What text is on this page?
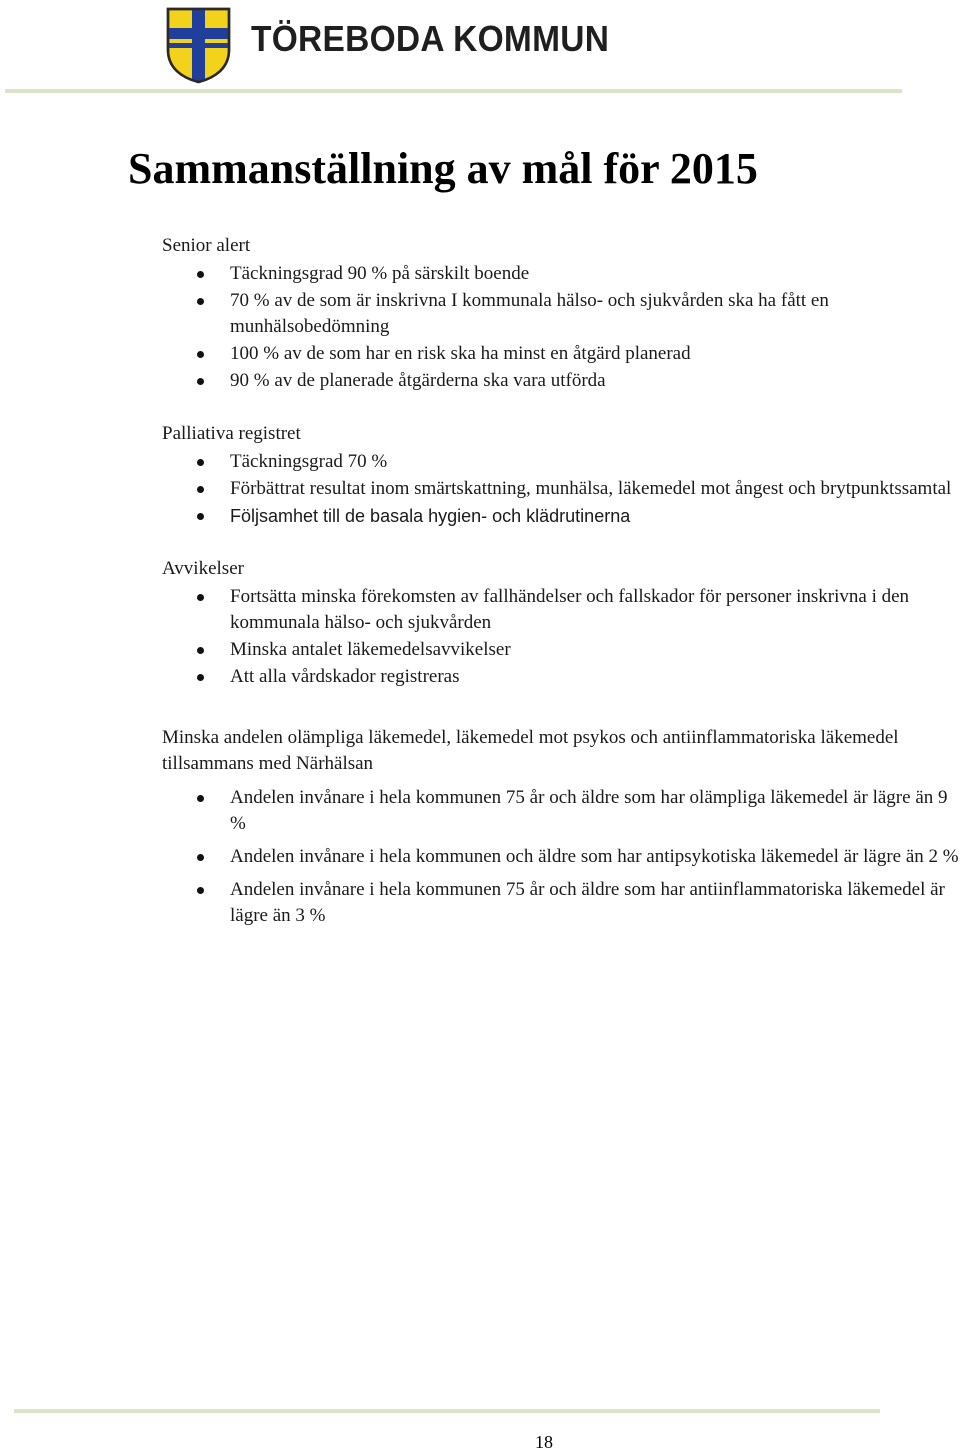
TÖREBODA KOMMUN
Sammanställning av mål för 2015

Senior alert

Täckningsgrad 90 % på särskilt boende
70 % av de som är inskrivna I kommunala hälso- och sjukvården ska ha fått en munhälsobedömning
100 % av de som har en risk ska ha minst en åtgärd planerad
90 % av de planerade åtgärderna ska vara utförda

Palliativa registret

Täckningsgrad 70 %
Förbättrat resultat inom smärtskattning, munhälsa, läkemedel mot ångest och brytpunktssamtal
Följsamhet till de basala hygien- och klädrutinerna

Avvikelser

Fortsätta minska förekomsten av fallhändelser och fallskador för personer inskrivna i den kommunala hälso- och sjukvården
Minska antalet läkemedelsavvikelser
Att alla vårdskador registreras

Minska andelen olämpliga läkemedel, läkemedel mot psykos och antiinflammatoriska läkemedel tillsammans med Närhälsan

Andelen invånare i hela kommunen 75 år och äldre som har olämpliga läkemedel är lägre än 9 %
Andelen invånare i hela kommunen och äldre som har antipsykotiska läkemedel är lägre än 2 %
Andelen invånare i hela kommunen 75 år och äldre som har antiinflammatoriska läkemedel är lägre än 3 %
18
